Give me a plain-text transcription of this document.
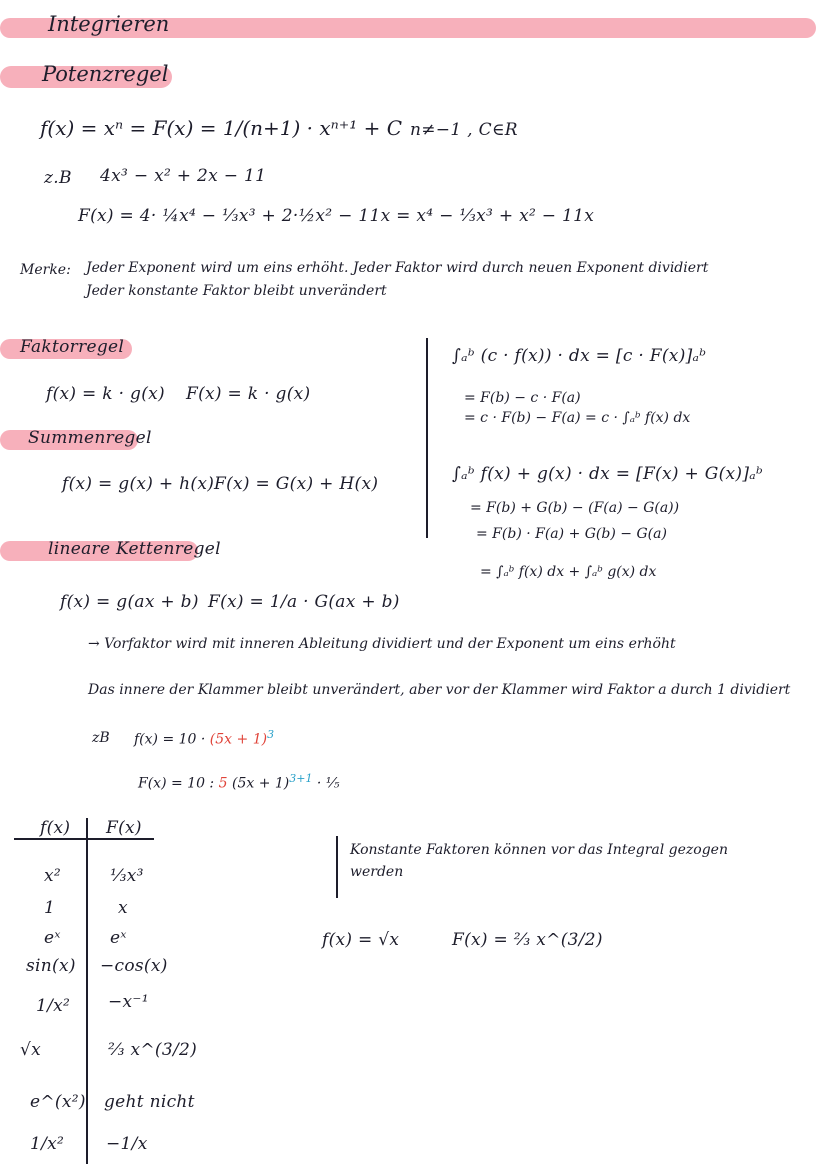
Integrieren
Potenzregel
f(x) = xⁿ = F(x) = 1/(n+1) · xⁿ⁺¹ + C n≠−1 , C∈R
z.B 4x³ − x² + 2x − 11
F(x) = 4· ¼x⁴ − ⅓x³ + 2·½x² − 11x = x⁴ − ⅓x³ + x² − 11x
Merke: Jeder Exponent wird um eins erhöht. Jeder Faktor wird durch neuen Exponent dividiert
Jeder konstante Faktor bleibt unverändert
Faktorregel
f(x) = k · g(x) F(x) = k · g(x)
Summenregel
f(x) = g(x) + h(x) F(x) = G(x) + H(x)
∫ₐᵇ (c · f(x)) · dx = [c · F(x)]ₐᵇ
= F(b) − c · F(a)
= c · F(b) − F(a) = c · ∫ₐᵇ f(x) dx
∫ₐᵇ f(x) + g(x) · dx = [F(x) + G(x)]ₐᵇ
= F(b) + G(b) − (F(a) − G(a))
= F(b) · F(a) + G(b) − G(a)
= ∫ₐᵇ f(x) dx + ∫ₐᵇ g(x) dx
lineare Kettenregel
f(x) = g(ax + b) F(x) = 1/a · G(ax + b)
→ Vorfaktor wird mit inneren Ableitung dividiert und der Exponent um eins erhöht
Das innere der Klammer bleibt unverändert, aber vor der Klammer wird Faktor a durch 1 dividiert
zB $f(x) = 10 \cdot (5x + 1)^3$
F(x) = 10 : 5 $(5x + 1)^{3+1}$ · ⅕
f(x) F(x)
x²	⅓x³
1	x
eˣ	eˣ
sin(x) −cos(x)
1/x² −x⁻¹
√x	⅔ x^(3/2)
e^(x²) geht nicht
1/x² −1/x
Konstante Faktoren können vor das Integral gezogen
werden
f(x) = √x	F(x) = ⅔ x^(3/2)
